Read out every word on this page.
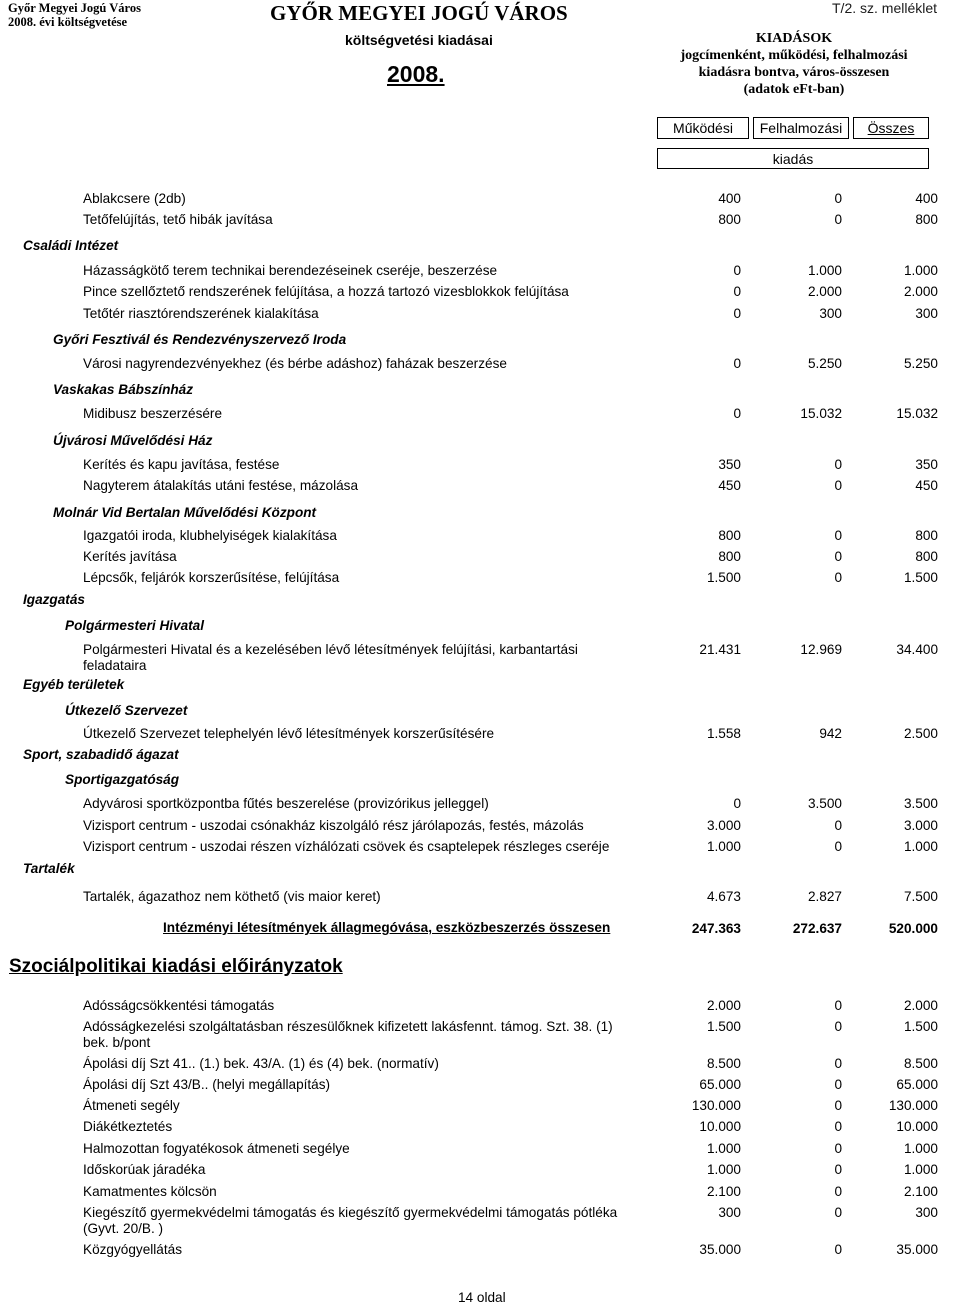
Győr Megyei Jogú Város
2008. évi költségvetése	GYŐR MEGYEI JOGÚ VÁROS
költségvetési kiadásai
2008.
T/2. sz. melléklet
KIADÁSOK
jogcímenként, működési, felhalmozási
kiadásra bontva, város-összesen
(adatok eFt-ban)
Működési Felhalmozási Összes
kiadás
Ablakcsere (2db)	400	0	400
Tetőfelújítás, tető hibák javítása	800	0	800
Családi Intézet
Házasságkötő terem technikai berendezéseinek cseréje, beszerzése	0	1.000	1.000
Pince szellőztető rendszerének felújítása, a hozzá tartozó vizesblokkok felújítása	0	2.000	2.000
Tetőtér riasztórendszerének kialakítása	0	300	300
Győri Fesztivál és Rendezvényszervező Iroda
Városi nagyrendezvényekhez (és bérbe adáshoz) faházak beszerzése	0	5.250	5.250
Vaskakas Bábszínház
Midibusz beszerzésére	0	15.032	15.032
Újvárosi Művelődési Ház
Kerítés és kapu javítása, festése	350	0	350
Nagyterem átalakítás utáni festése, mázolása	450	0	450
Molnár Vid Bertalan Művelődési Központ
Igazgatói iroda, klubhelyiségek kialakítása	800	0	800
Kerítés javítása	800	0	800
Lépcsők, feljárók korszerűsítése, felújítása	1.500	0	1.500
Igazgatás
Polgármesteri Hivatal
Polgármesteri Hivatal és a kezelésében lévő létesítmények felújítási, karbantartási feladataira
21.431	12.969	34.400
Egyéb területek
Útkezelő Szervezet
Útkezelő Szervezet telephelyén lévő létesítmények korszerűsítésére	1.558	942	2.500
Sport, szabadidő ágazat
Sportigazgatóság
Adyvárosi sportközpontba fűtés beszerelése (provizórikus jelleggel)	0	3.500	3.500
Vizisport centrum - uszodai csónakház kiszolgáló rész járólapozás, festés, mázolás	3.000	0	3.000
Vizisport centrum - uszodai részen vízhálózati csövek és csaptelepek részleges cseréje	1.000	0	1.000
Tartalék
Tartalék, ágazathoz nem köthető (vis maior keret)	4.673	2.827	7.500
Intézményi létesítmények állagmegóvása, eszközbeszerzés összesen	247.363	272.637	520.000
Szociálpolitikai kiadási előirányzatok
Adósságcsökkentési támogatás	2.000	0	2.000
Adósságkezelési szolgáltatásban részesülőknek kifizetett lakásfennt. támog. Szt. 38. (1) bek. b/pont
1.500	0	1.500
Ápolási díj Szt 41.. (1.) bek. 43/A. (1) és (4) bek. (normatív)	8.500	0	8.500
Ápolási díj Szt 43/B.. (helyi megállapítás)	65.000	0	65.000
Átmeneti segély	130.000	0	130.000
Diákétkeztetés	10.000	0	10.000
Halmozottan fogyatékosok átmeneti segélye	1.000	0	1.000
Időskorúak járadéka	1.000	0	1.000
Kamatmentes kölcsön	2.100	0	2.100
Kiegészítő gyermekvédelmi támogatás és kiegészítő gyermekvédelmi támogatás pótléka (Gyvt. 20/B. )
300	0	300
Közgyógyellátás	35.000	0	35.000
14 oldal
